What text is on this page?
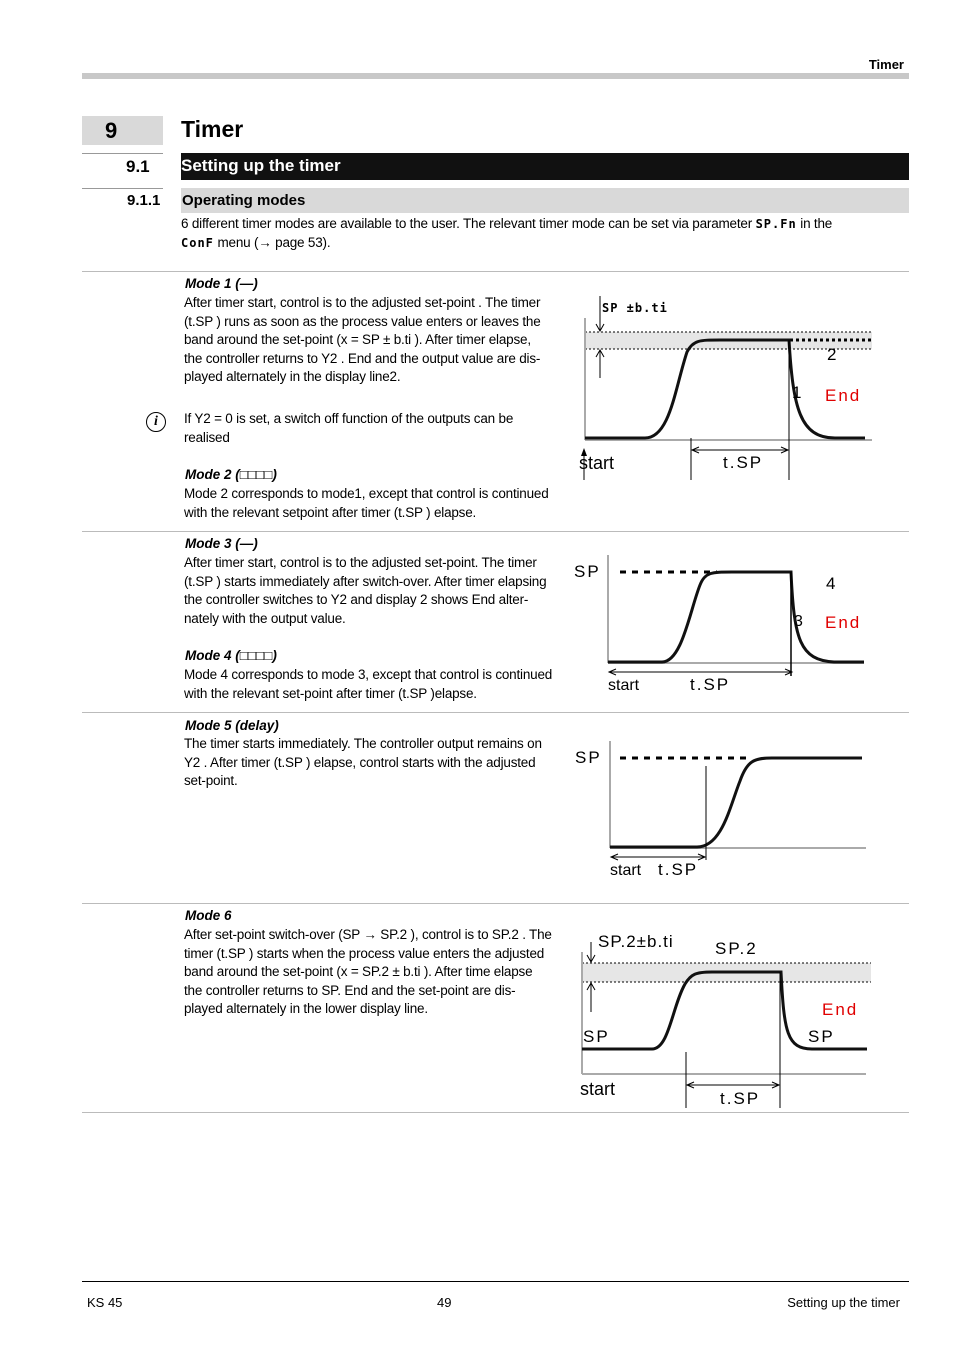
Timer
9	Timer
9.1 Setting up the timer
9.1.1 Operating modes
6 different timer modes are available to the user. The relevant timer mode can be set via parameter SP.Fn in the
ConF menu (→ page 53).
Mode 1 (—)
After timer start, control is to the adjusted set-point . The timer
(t.SP ) runs as soon as the process value enters or leaves the
band around the set-point (x = SP ± b.ti ). After timer elapse,
the controller returns to Y2 . End and the output value are dis-
played alternately in the display line2.
i	If Y2 = 0 is set, a switch off function of the outputs can be
realised
SP ±b.ti
2
1 End
start	t.SP
Mode 2 (□□□□)
Mode 2 corresponds to mode1, except that control is continued
with the relevant setpoint after timer (t.SP ) elapse.
Mode 3 (—)
After timer start, control is to the adjusted set-point. The timer
(t.SP ) starts immediately after switch-over. After timer elapsing
the controller switches to Y2 and display 2 shows End alter-
nately with the output value.
SP
4
3 End
start	t.SP
Mode 4 (□□□□)
Mode 4 corresponds to mode 3, except that control is continued
with the relevant set-point after timer (t.SP )elapse.
Mode 5 (delay)
The timer starts immediately. The controller output remains on
Y2 . After timer (t.SP ) elapse, control starts with the adjusted
set-point.
SP
start t.SP
Mode 6
After set-point switch-over (SP → SP.2 ), control is to SP.2 . The
timer (t.SP ) starts when the process value enters the adjusted
band around the set-point (x = SP.2 ± b.ti ). After time elapse
the controller returns to SP. End and the set-point are dis-
played alternately in the lower display line.
SP.2±b.ti SP.2
SP	SP
End
start	t.SP
KS 45	49	Setting up the timer
